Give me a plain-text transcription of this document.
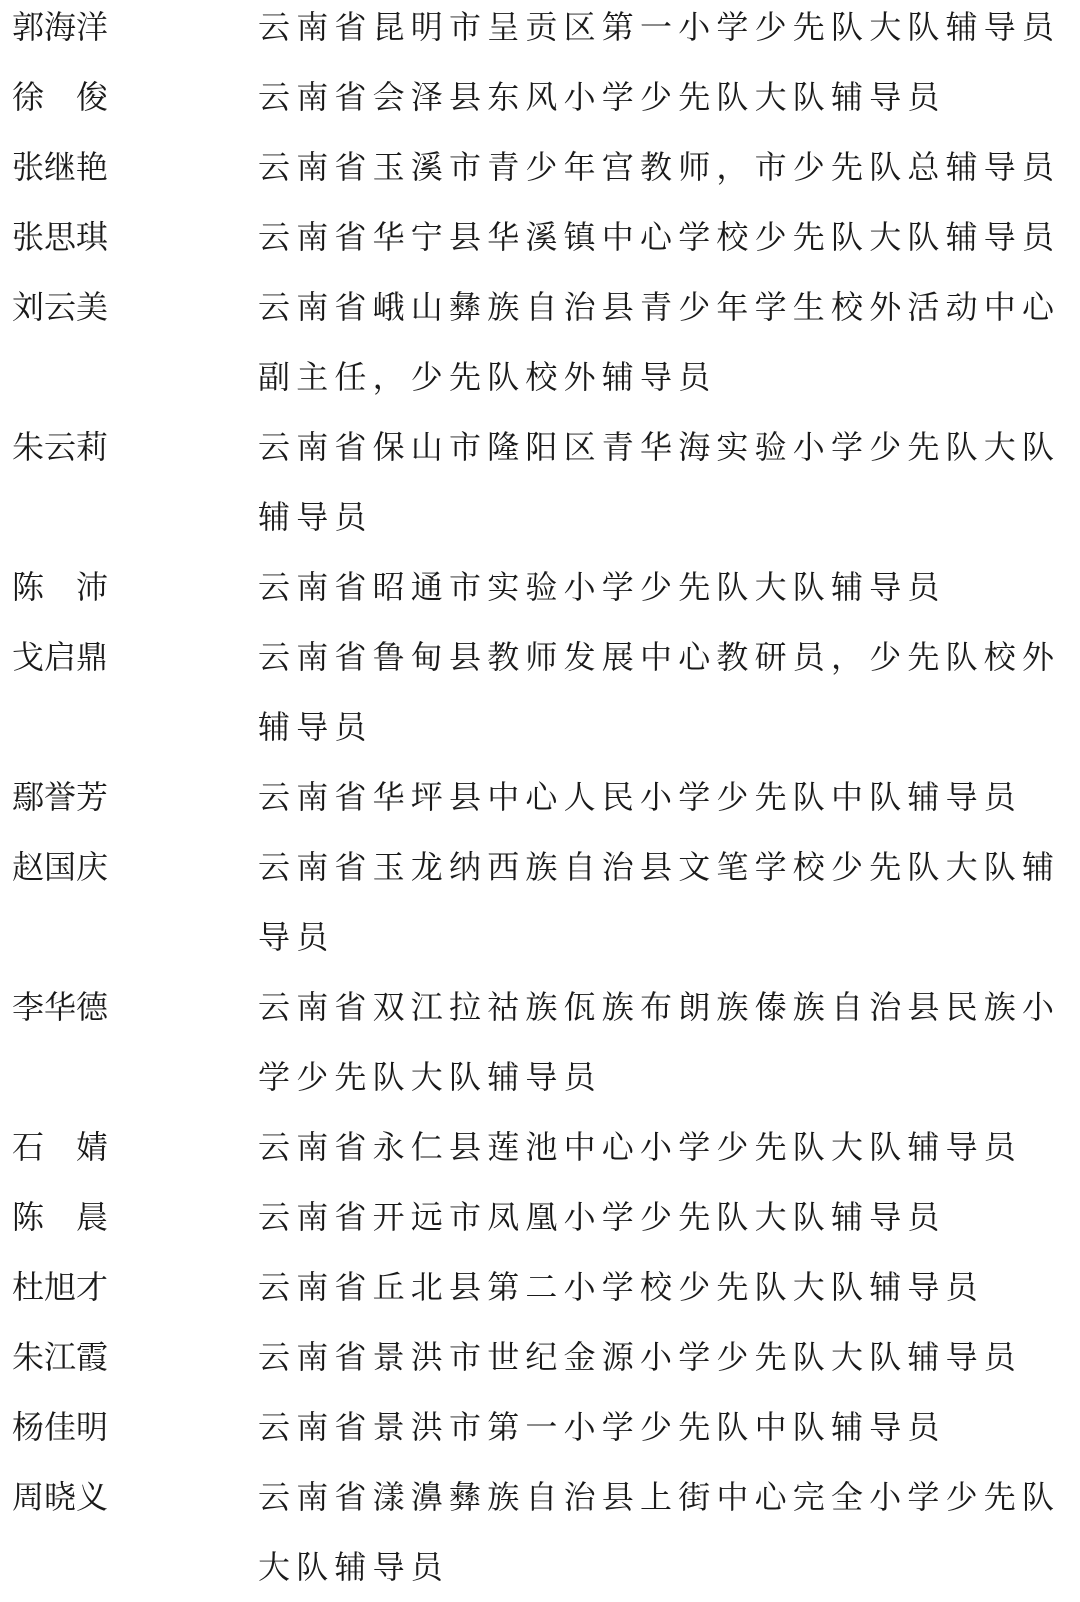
郭海洋	云南省昆明市呈贡区第一小学少先队大队辅导员
徐　俊	云南省会泽县东风小学少先队大队辅导员
张继艳	云南省玉溪市青少年宫教师，市少先队总辅导员
张思琪	云南省华宁县华溪镇中心学校少先队大队辅导员
刘云美	云南省峨山彝族自治县青少年学生校外活动中心副主任，少先队校外辅导员
朱云莉	云南省保山市隆阳区青华海实验小学少先队大队辅导员
陈　沛	云南省昭通市实验小学少先队大队辅导员
戈启鼎	云南省鲁甸县教师发展中心教研员，少先队校外辅导员
鄢誉芳	云南省华坪县中心人民小学少先队中队辅导员
赵国庆	云南省玉龙纳西族自治县文笔学校少先队大队辅导员
李华德	云南省双江拉祜族佤族布朗族傣族自治县民族小学少先队大队辅导员
石　婧	云南省永仁县莲池中心小学少先队大队辅导员
陈　晨	云南省开远市凤凰小学少先队大队辅导员
杜旭才	云南省丘北县第二小学校少先队大队辅导员
朱江霞	云南省景洪市世纪金源小学少先队大队辅导员
杨佳明	云南省景洪市第一小学少先队中队辅导员
周晓义	云南省漾濞彝族自治县上街中心完全小学少先队大队辅导员
